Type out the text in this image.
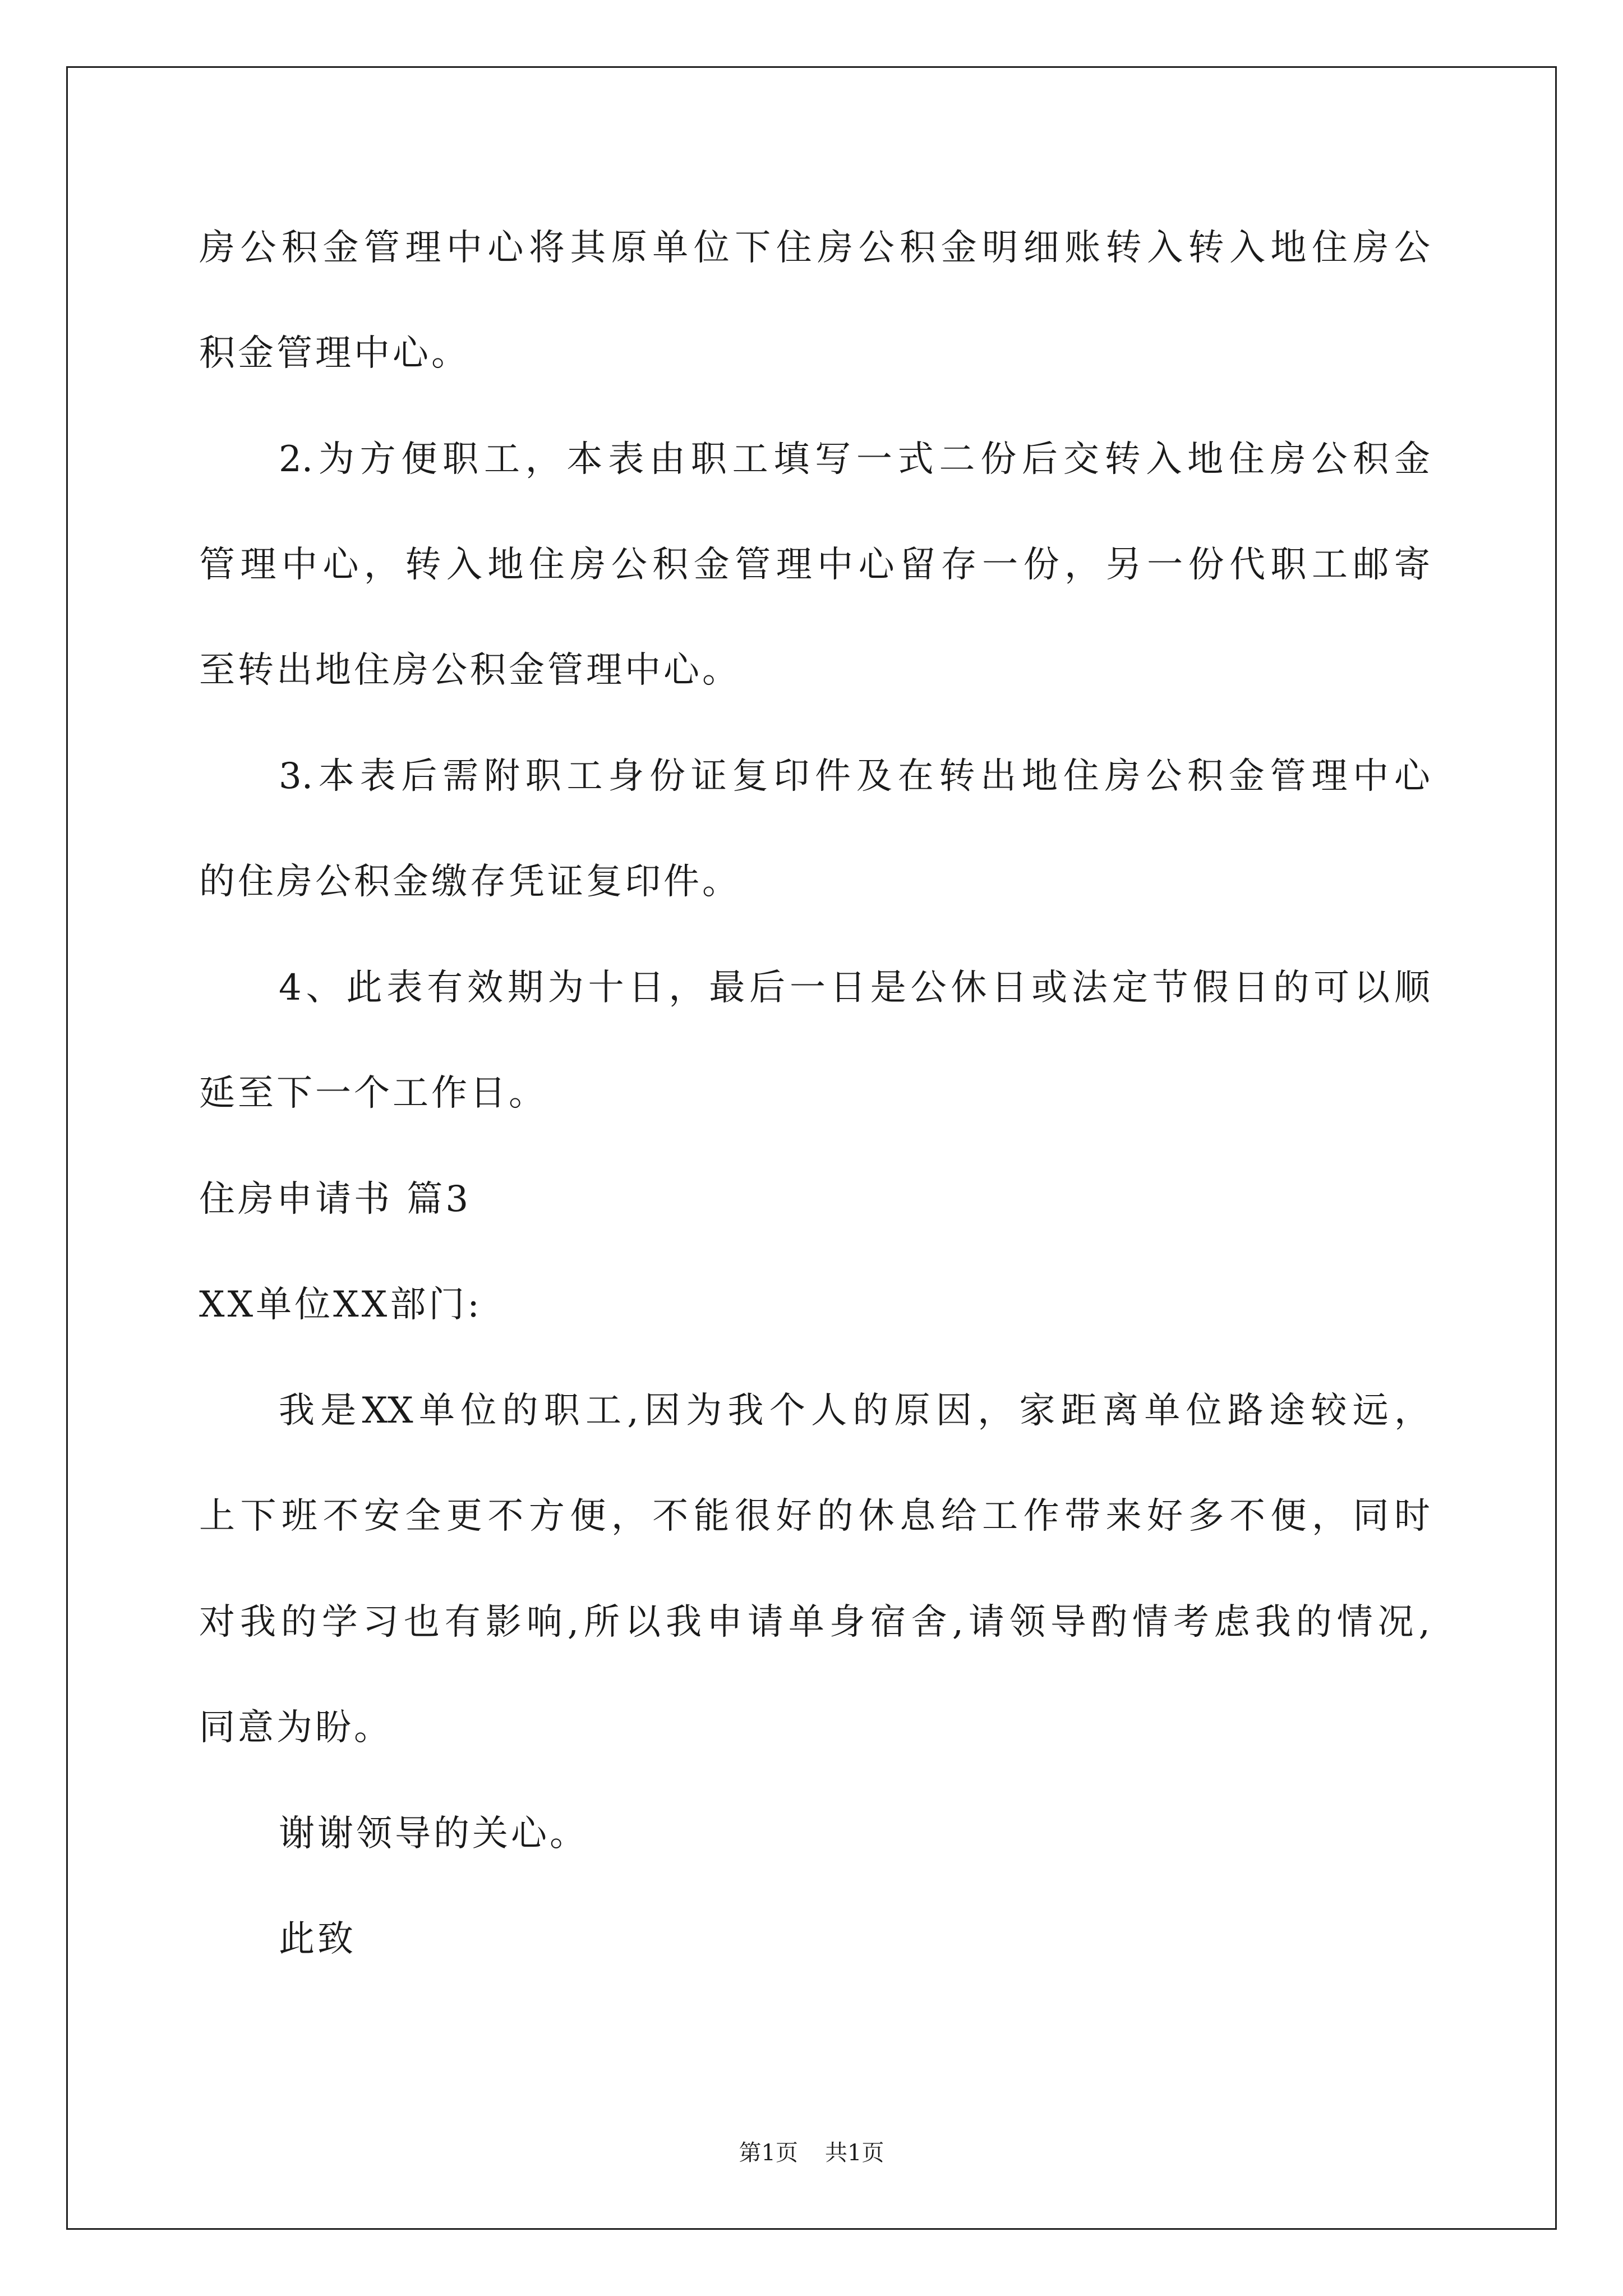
房公积金管理中心将其原单位下住房公积金明细账转入转入地住房公
积金管理中心。
2.为方便职工，本表由职工填写一式二份后交转入地住房公积金
管理中心，转入地住房公积金管理中心留存一份，另一份代职工邮寄
至转出地住房公积金管理中心。
3.本表后需附职工身份证复印件及在转出地住房公积金管理中心
的住房公积金缴存凭证复印件。
4、此表有效期为十日，最后一日是公休日或法定节假日的可以顺
延至下一个工作日。
住房申请书 篇3
XX单位XX部门:
我是XX单位的职工,因为我个人的原因，家距离单位路途较远，
上下班不安全更不方便，不能很好的休息给工作带来好多不便，同时
对我的学习也有影响,所以我申请单身宿舍,请领导酌情考虑我的情况,
同意为盼。
谢谢领导的关心。
此致
第1页 共1页
